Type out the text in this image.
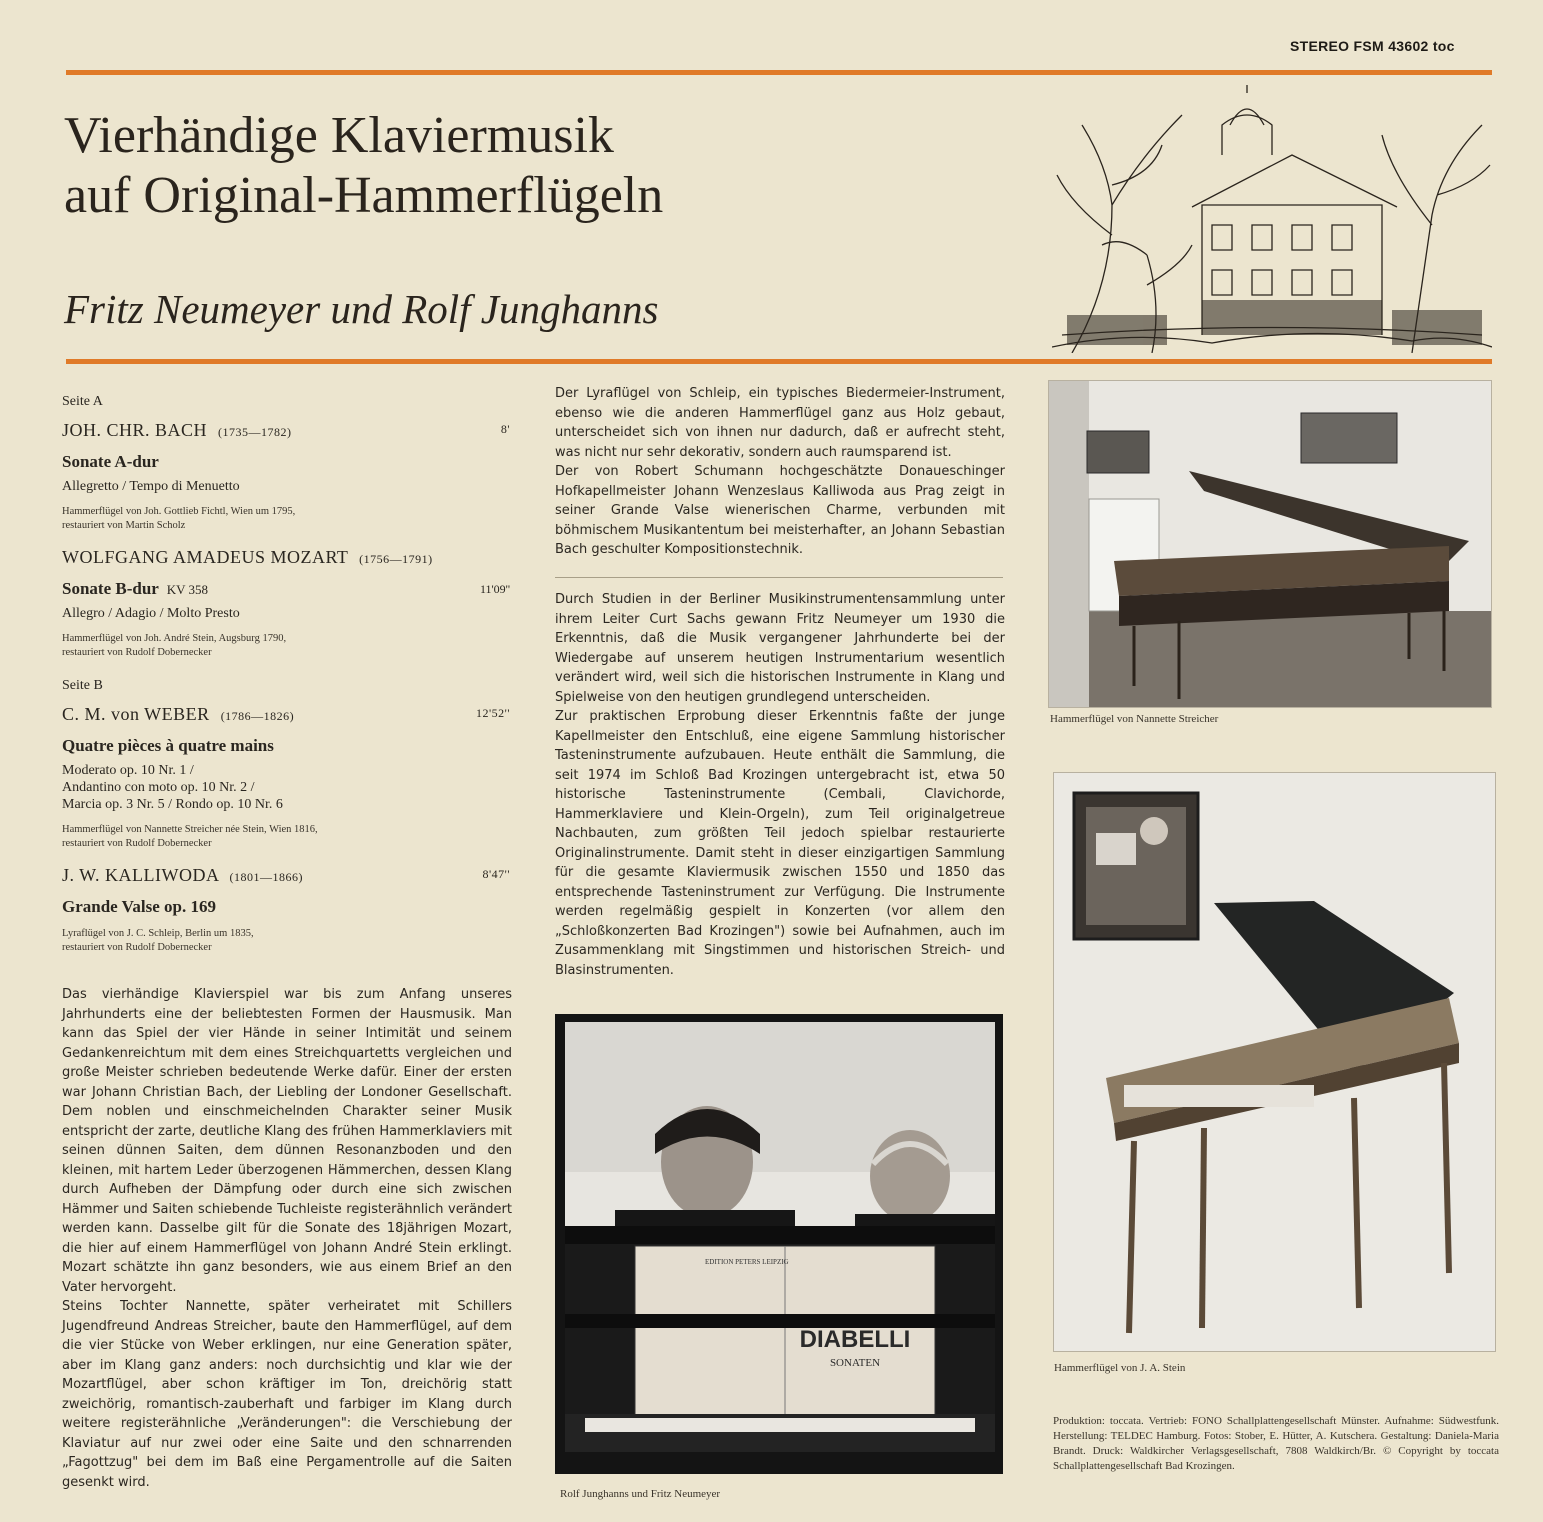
STEREO FSM 43602 toc
Vierhändige Klaviermusik
auf Original-Hammerflügeln
Fritz Neumeyer und Rolf Junghanns
Seite A
JOH. CHR. BACH (1735—1782)	8'
Sonate A-dur
Allegretto / Tempo di Menuetto
Hammerflügel von Joh. Gottlieb Fichtl, Wien um 1795,
restauriert von Martin Scholz
WOLFGANG AMADEUS MOZART (1756—1791)
Sonate B-dur KV 358	11'09''
Allegro / Adagio / Molto Presto
Hammerflügel von Joh. André Stein, Augsburg 1790,
restauriert von Rudolf Dobernecker
Seite B
C. M. von WEBER (1786—1826)	12'52''
Quatre pièces à quatre mains
Moderato op. 10 Nr. 1 /
Andantino con moto op. 10 Nr. 2 /
Marcia op. 3 Nr. 5 / Rondo op. 10 Nr. 6
Hammerflügel von Nannette Streicher née Stein, Wien 1816,
restauriert von Rudolf Dobernecker
J. W. KALLIWODA (1801—1866)	8'47''
Grande Valse op. 169
Lyraflügel von J. C. Schleip, Berlin um 1835,
restauriert von Rudolf Dobernecker

Das vierhändige Klavierspiel war bis zum Anfang unseres Jahrhunderts eine der beliebtesten Formen der Hausmusik. Man kann das Spiel der vier Hände in seiner Intimität und seinem Gedankenreichtum mit dem eines Streichquartetts vergleichen und große Meister schrieben bedeutende Werke dafür. Einer der ersten war Johann Christian Bach, der Liebling der Londoner Gesellschaft. Dem noblen und einschmeichelnden Charakter seiner Musik entspricht der zarte, deutliche Klang des frühen Hammerklaviers mit seinen dünnen Saiten, dem dünnen Resonanzboden und den kleinen, mit hartem Leder überzogenen Hämmerchen, dessen Klang durch Aufheben der Dämpfung oder durch eine sich zwischen Hämmer und Saiten schiebende Tuchleiste registerähnlich verändert werden kann. Dasselbe gilt für die Sonate des 18jährigen Mozart, die hier auf einem Hammerflügel von Johann André Stein erklingt. Mozart schätzte ihn ganz besonders, wie aus einem Brief an den Vater hervorgeht.

Steins Tochter Nannette, später verheiratet mit Schillers Jugendfreund Andreas Streicher, baute den Hammerflügel, auf dem die vier Stücke von Weber erklingen, nur eine Generation später, aber im Klang ganz anders: noch durchsichtig und klar wie der Mozartflügel, aber schon kräftiger im Ton, dreichörig statt zweichörig, romantisch-zauberhaft und farbiger im Klang durch weitere registerähnliche „Veränderungen": die Verschiebung der Klaviatur auf nur zwei oder eine Saite und den schnarrenden „Fagottzug" bei dem im Baß eine Pergamentrolle auf die Saiten gesenkt wird.

Der Lyraflügel von Schleip, ein typisches Biedermeier-Instrument, ebenso wie die anderen Hammerflügel ganz aus Holz gebaut, unterscheidet sich von ihnen nur dadurch, daß er aufrecht steht, was nicht nur sehr dekorativ, sondern auch raumsparend ist.

Der von Robert Schumann hochgeschätzte Donaueschinger Hofkapellmeister Johann Wenzeslaus Kalliwoda aus Prag zeigt in seiner Grande Valse wienerischen Charme, verbunden mit böhmischem Musikantentum bei meisterhafter, an Johann Sebastian Bach geschulter Kompositionstechnik.

Durch Studien in der Berliner Musikinstrumentensammlung unter ihrem Leiter Curt Sachs gewann Fritz Neumeyer um 1930 die Erkenntnis, daß die Musik vergangener Jahrhunderte bei der Wiedergabe auf unserem heutigen Instrumentarium wesentlich verändert wird, weil sich die historischen Instrumente in Klang und Spielweise von den heutigen grundlegend unterscheiden.

Zur praktischen Erprobung dieser Erkenntnis faßte der junge Kapellmeister den Entschluß, eine eigene Sammlung historischer Tasteninstrumente aufzubauen. Heute enthält die Sammlung, die seit 1974 im Schloß Bad Krozingen untergebracht ist, etwa 50 historische Tasteninstrumente (Cembali, Clavichorde, Hammerklaviere und Klein-Orgeln), zum Teil originalgetreue Nachbauten, zum größten Teil jedoch spielbar restaurierte Originalinstrumente. Damit steht in dieser einzigartigen Sammlung für die gesamte Klaviermusik zwischen 1550 und 1850 das entsprechende Tasteninstrument zur Verfügung. Die Instrumente werden regelmäßig gespielt in Konzerten (vor allem den „Schloßkonzerten Bad Krozingen") sowie bei Aufnahmen, auch im Zusammenklang mit Singstimmen und historischen Streich- und Blasinstrumenten.

Hammerflügel von Nannette Streicher
Hammerflügel von J. A. Stein
EDITION PETERS LEIPZIG
DIABELLI
SONATEN
Rolf Junghanns und Fritz Neumeyer
Produktion: toccata. Vertrieb: FONO Schallplattengesellschaft Münster. Aufnahme: Südwestfunk. Herstellung: TELDEC Hamburg. Fotos: Stober, E. Hütter, A. Kutschera. Gestaltung: Daniela-Maria Brandt. Druck: Waldkircher Verlagsgesellschaft, 7808 Waldkirch/Br. © Copyright by toccata Schallplattengesellschaft Bad Krozingen.
